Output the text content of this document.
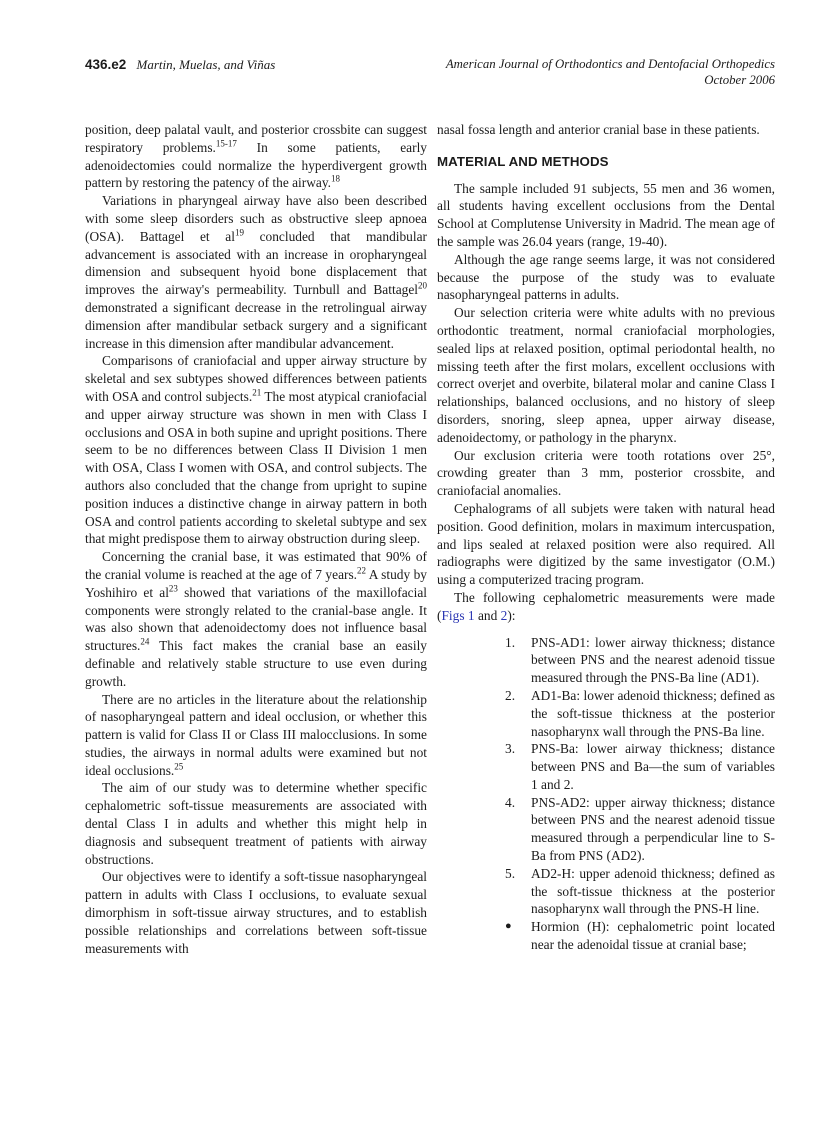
436.e2 Martin, Muelas, and Viñas	American Journal of Orthodontics and Dentofacial Orthopedics
October 2006

position, deep palatal vault, and posterior crossbite can suggest respiratory problems.$^{15-17}$ In some patients, early adenoidectomies could normalize the hyperdivergent growth pattern by restoring the patency of the airway.$^{18}$

Variations in pharyngeal airway have also been described with some sleep disorders such as obstructive sleep apnoea (OSA). Battagel et al$^{19}$ concluded that mandibular advancement is associated with an increase in oropharyngeal dimension and subsequent hyoid bone displacement that improves the airway's permeability. Turnbull and Battagel$^{20}$ demonstrated a significant decrease in the retrolingual airway dimension after mandibular setback surgery and a significant increase in this dimension after mandibular advancement.

Comparisons of craniofacial and upper airway structure by skeletal and sex subtypes showed differences between patients with OSA and control subjects.$^{21}$ The most atypical craniofacial and upper airway structure was shown in men with Class I occlusions and OSA in both supine and upright positions. There seem to be no differences between Class II Division 1 men with OSA, Class I women with OSA, and control subjects. The authors also concluded that the change from upright to supine position induces a distinctive change in airway pattern in both OSA and control patients according to skeletal subtype and sex that might predispose them to airway obstruction during sleep.

Concerning the cranial base, it was estimated that 90% of the cranial volume is reached at the age of 7 years.$^{22}$ A study by Yoshihiro et al$^{23}$ showed that variations of the maxillofacial components were strongly related to the cranial-base angle. It was also shown that adenoidectomy does not influence basal structures.$^{24}$ This fact makes the cranial base an easily definable and relatively stable structure to use even during growth.

There are no articles in the literature about the relationship of nasopharyngeal pattern and ideal occlusion, or whether this pattern is valid for Class II or Class III malocclusions. In some studies, the airways in normal adults were examined but not ideal occlusions.$^{25}$

The aim of our study was to determine whether specific cephalometric soft-tissue measurements are associated with dental Class I in adults and whether this might help in diagnosis and subsequent treatment of patients with airway obstructions.

Our objectives were to identify a soft-tissue nasopharyngeal pattern in adults with Class I occlusions, to evaluate sexual dimorphism in soft-tissue airway structures, and to establish possible relationships and correlations between soft-tissue measurements with

nasal fossa length and anterior cranial base in these patients.

MATERIAL AND METHODS

The sample included 91 subjects, 55 men and 36 women, all students having excellent occlusions from the Dental School at Complutense University in Madrid. The mean age of the sample was 26.04 years (range, 19-40).

Although the age range seems large, it was not considered because the purpose of the study was to evaluate nasopharyngeal patterns in adults.

Our selection criteria were white adults with no previous orthodontic treatment, normal craniofacial morphologies, sealed lips at relaxed position, optimal periodontal health, no missing teeth after the first molars, excellent occlusions with correct overjet and overbite, bilateral molar and canine Class I relationships, balanced occlusions, and no history of sleep disorders, snoring, sleep apnea, upper airway disease, adenoidectomy, or pathology in the pharynx.

Our exclusion criteria were tooth rotations over 25°, crowding greater than 3 mm, posterior crossbite, and craniofacial anomalies.

Cephalograms of all subjets were taken with natural head position. Good definition, molars in maximum intercuspation, and lips sealed at relaxed position were also required. All radiographs were digitized by the same investigator (O.M.) using a computerized tracing program.

The following cephalometric measurements were made (Figs 1 and 2):

1.	PNS-AD1: lower airway thickness; distance between PNS and the nearest adenoid tissue measured through the PNS-Ba line (AD1).
2.	AD1-Ba: lower adenoid thickness; defined as the soft-tissue thickness at the posterior nasopharynx wall through the PNS-Ba line.
3.	PNS-Ba: lower airway thickness; distance between PNS and Ba—the sum of variables 1 and 2.
4.	PNS-AD2: upper airway thickness; distance between PNS and the nearest adenoid tissue measured through a perpendicular line to S-Ba from PNS (AD2).
5.	AD2-H: upper adenoid thickness; defined as the soft-tissue thickness at the posterior nasopharynx wall through the PNS-H line.
●	Hormion (H): cephalometric point located near the adenoidal tissue at cranial base;
